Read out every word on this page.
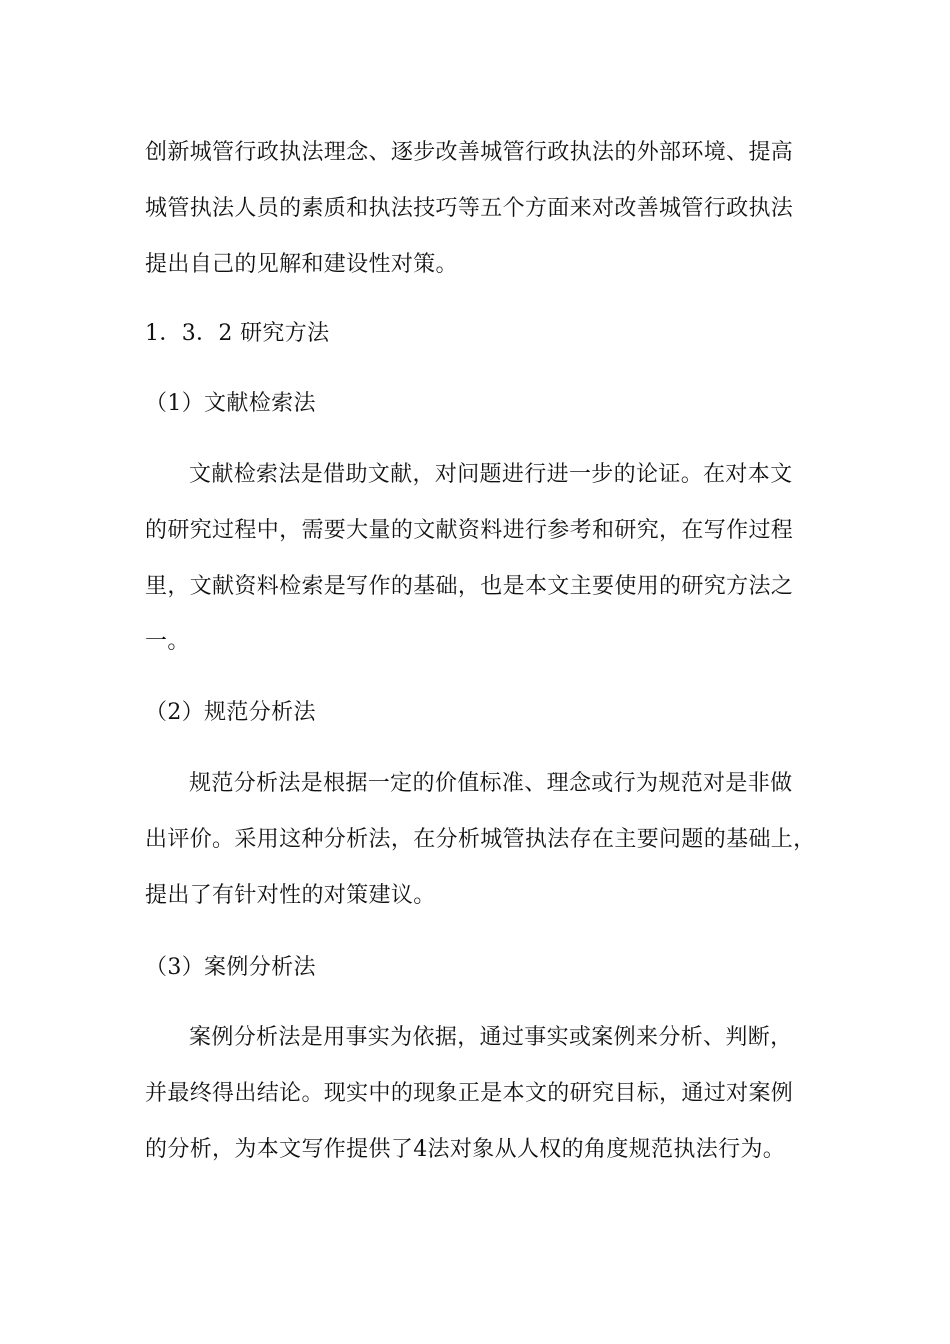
创新城管行政执法理念、逐步改善城管行政执法的外部环境、提高
城管执法人员的素质和执法技巧等五个方面来对改善城管行政执法
提出自己的见解和建设性对策。
1．3．2 研究方法
（1）文献检索法
文献检索法是借助文献，对问题进行进一步的论证。在对本文
的研究过程中，需要大量的文献资料进行参考和研究，在写作过程
里，文献资料检索是写作的基础，也是本文主要使用的研究方法之
一。
（2）规范分析法
规范分析法是根据一定的价值标准、理念或行为规范对是非做
出评价。采用这种分析法，在分析城管执法存在主要问题的基础上，
提出了有针对性的对策建议。
（3）案例分析法
案例分析法是用事实为依据，通过事实或案例来分析、判断，
并最终得出结论。现实中的现象正是本文的研究目标，通过对案例
的分析，为本文写作提供了4法对象从人权的角度规范执法行为。
